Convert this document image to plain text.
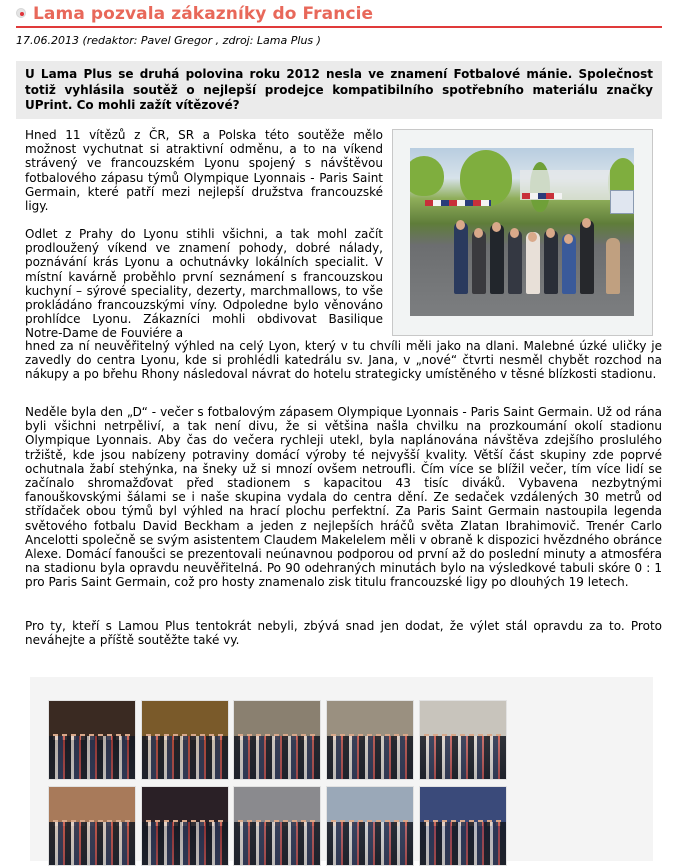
Lama pozvala zákazníky do Francie
17.06.2013 (redaktor: Pavel Gregor , zdroj: Lama Plus )
U Lama Plus se druhá polovina roku 2012 nesla ve znamení Fotbalové mánie. Společnost totiž vyhlásila soutěž o nejlepší prodejce kompatibilního spotřebního materiálu značky UPrint. Co mohli zažít vítězové?
Hned 11 vítězů z ČR, SR a Polska této soutěže mělo možnost vychutnat si atraktivní odměnu, a to na víkend strávený ve francouzském Lyonu spojený s návštěvou fotbalového zápasu týmů Olympique Lyonnais - Paris Saint Germain, které patří mezi nejlepší družstva francouzské ligy.
Odlet z Prahy do Lyonu stihli všichni, a tak mohl začít prodloužený víkend ve znamení pohody, dobré nálady, poznávání krás Lyonu a ochutnávky lokálních specialit. V místní kavárně proběhlo první seznámení s francouzskou kuchyní – sýrové speciality, dezerty, marchmallows, to vše prokládáno francouzskými víny. Odpoledne bylo věnováno prohlídce Lyonu. Zákazníci mohli obdivovat Basilique Notre-Dame de Fouviére a
hned za ní neuvěřitelný výhled na celý Lyon, který v tu chvíli měli jako na dlani. Malebné úzké uličky je zavedly do centra Lyonu, kde si prohlédli katedrálu sv. Jana, v „nové“ čtvrti nesměl chybět rozchod na nákupy a po břehu Rhony následoval návrat do hotelu strategicky umístěného v těsné blízkosti stadionu.
Neděle byla den „D“ - večer s fotbalovým zápasem Olympique Lyonnais - Paris Saint Germain. Už od rána byli všichni netrpěliví, a tak není divu, že si většina našla chvilku na prozkoumání okolí stadionu Olympique Lyonnais. Aby čas do večera rychleji utekl, byla naplánována návštěva zdejšího proslulého tržiště, kde jsou nabízeny potraviny domácí výroby té nejvyšší kvality. Větší část skupiny zde poprvé ochutnala žabí stehýnka, na šneky už si mnozí ovšem netroufli. Čím více se blížil večer, tím více lidí se začínalo shromažďovat před stadionem s kapacitou 43 tisíc diváků. Vybavena nezbytnými fanouškovskými šálami se i naše skupina vydala do centra dění. Ze sedaček vzdálených 30 metrů od střídaček obou týmů byl výhled na hrací plochu perfektní. Za Paris Saint Germain nastoupila legenda světového fotbalu David Beckham a jeden z nejlepších hráčů světa Zlatan Ibrahimovič. Trenér Carlo Ancelotti společně se svým asistentem Claudem Makelelem měli v obraně k dispozici hvězdného obránce Alexe. Domácí fanoušci se prezentovali neúnavnou podporou od první až do poslední minuty a atmosféra na stadionu byla opravdu neuvěřitelná. Po 90 odehraných minutách bylo na výsledkové tabuli skóre 0 : 1 pro Paris Saint Germain, což pro hosty znamenalo zisk titulu francouzské ligy po dlouhých 19 letech.
Pro ty, kteří s Lamou Plus tentokrát nebyli, zbývá snad jen dodat, že výlet stál opravdu za to. Proto neváhejte a příště soutěžte také vy.
